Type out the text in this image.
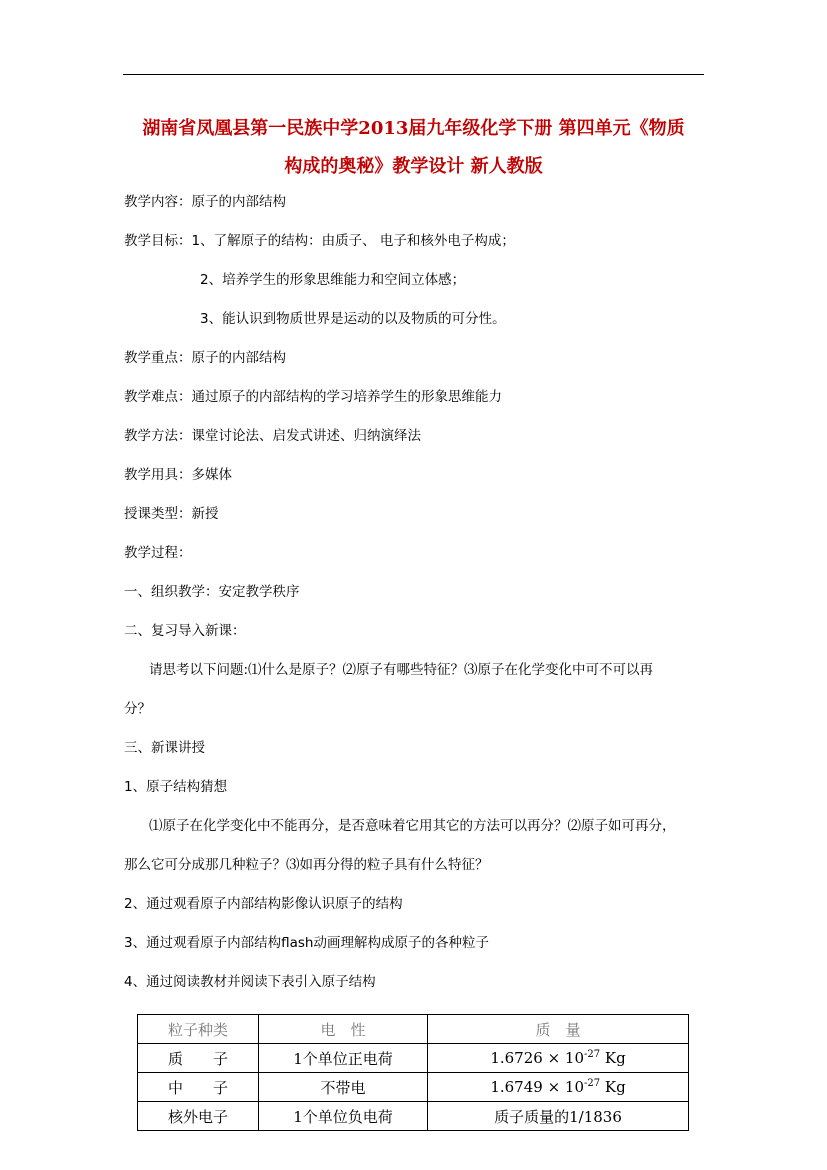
湖南省凤凰县第一民族中学2013届九年级化学下册 第四单元《物质
构成的奥秘》教学设计 新人教版
教学内容：原子的内部结构
教学目标：1、了解原子的结构：由质子、 电子和核外电子构成；
2、培养学生的形象思维能力和空间立体感；
3、能认识到物质世界是运动的以及物质的可分性。
教学重点：原子的内部结构
教学难点：通过原子的内部结构的学习培养学生的形象思维能力
教学方法：课堂讨论法、启发式讲述、归纳演绎法
教学用具：多媒体
授课类型：新授
教学过程：
一、组织教学：安定教学秩序
二、复习导入新课：
请思考以下问题:⑴什么是原子？⑵原子有哪些特征？⑶原子在化学变化中可不可以再
分？
三、新课讲授
1、原子结构猜想
⑴原子在化学变化中不能再分，是否意味着它用其它的方法可以再分？⑵原子如可再分，
那么它可分成那几种粒子？⑶如再分得的粒子具有什么特征？
2、通过观看原子内部结构影像认识原子的结构
3、通过观看原子内部结构flash动画理解构成原子的各种粒子
4、通过阅读教材并阅读下表引入原子结构
粒子种类	电　性	质　量
质　　子	1个单位正电荷	$1.6726 \times 10^{-27}$ Kg
中　　子	不带电	$1.6749 \times 10^{-27}$ Kg
核外电子	1个单位负电荷	质子质量的1/1836
